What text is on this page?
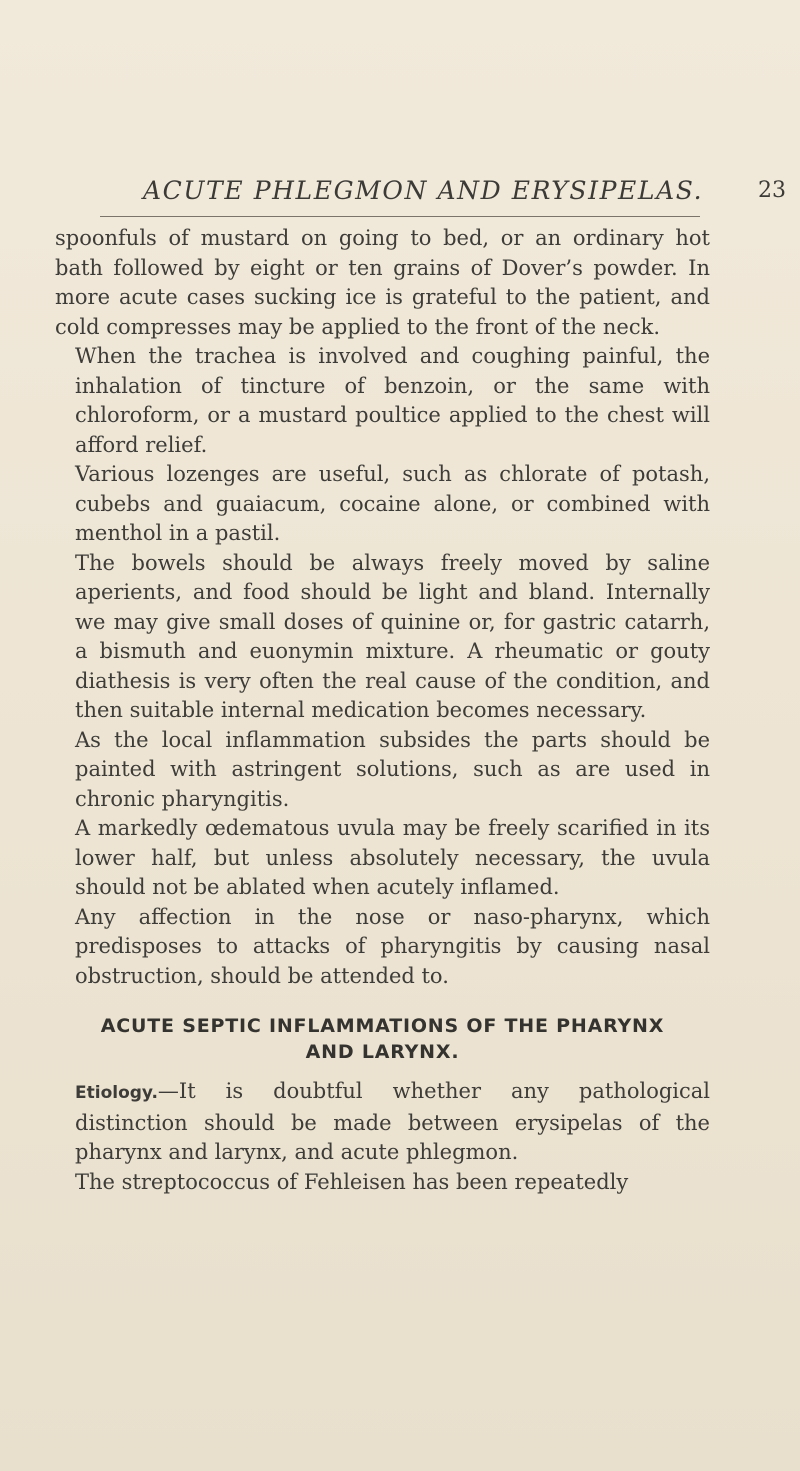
ACUTE PHLEGMON AND ERYSIPELAS. 23

spoonfuls of mustard on going to bed, or an ordinary hot bath followed by eight or ten grains of Dover’s powder. In more acute cases sucking ice is grateful to the patient, and cold compresses may be applied to the front of the neck.

When the trachea is involved and coughing painful, the inhalation of tincture of benzoin, or the same with chloroform, or a mustard poultice applied to the chest will afford relief.

Various lozenges are useful, such as chlorate of potash, cubebs and guaiacum, cocaine alone, or combined with menthol in a pastil.

The bowels should be always freely moved by saline aperients, and food should be light and bland. Internally we may give small doses of quinine or, for gastric catarrh, a bismuth and euonymin mixture. A rheumatic or gouty diathesis is very often the real cause of the condition, and then suitable internal medication becomes necessary.

As the local inflammation subsides the parts should be painted with astringent solutions, such as are used in chronic pharyngitis.

A markedly œdematous uvula may be freely scarified in its lower half, but unless absolutely necessary, the uvula should not be ablated when acutely inflamed.

Any affection in the nose or naso-pharynx, which predisposes to attacks of pharyngitis by causing nasal obstruction, should be attended to.

ACUTE SEPTIC INFLAMMATIONS OF THE PHARYNX
AND LARYNX.

Etiology.—It is doubtful whether any pathological distinction should be made between erysipelas of the pharynx and larynx, and acute phlegmon.

The streptococcus of Fehleisen has been repeatedly
